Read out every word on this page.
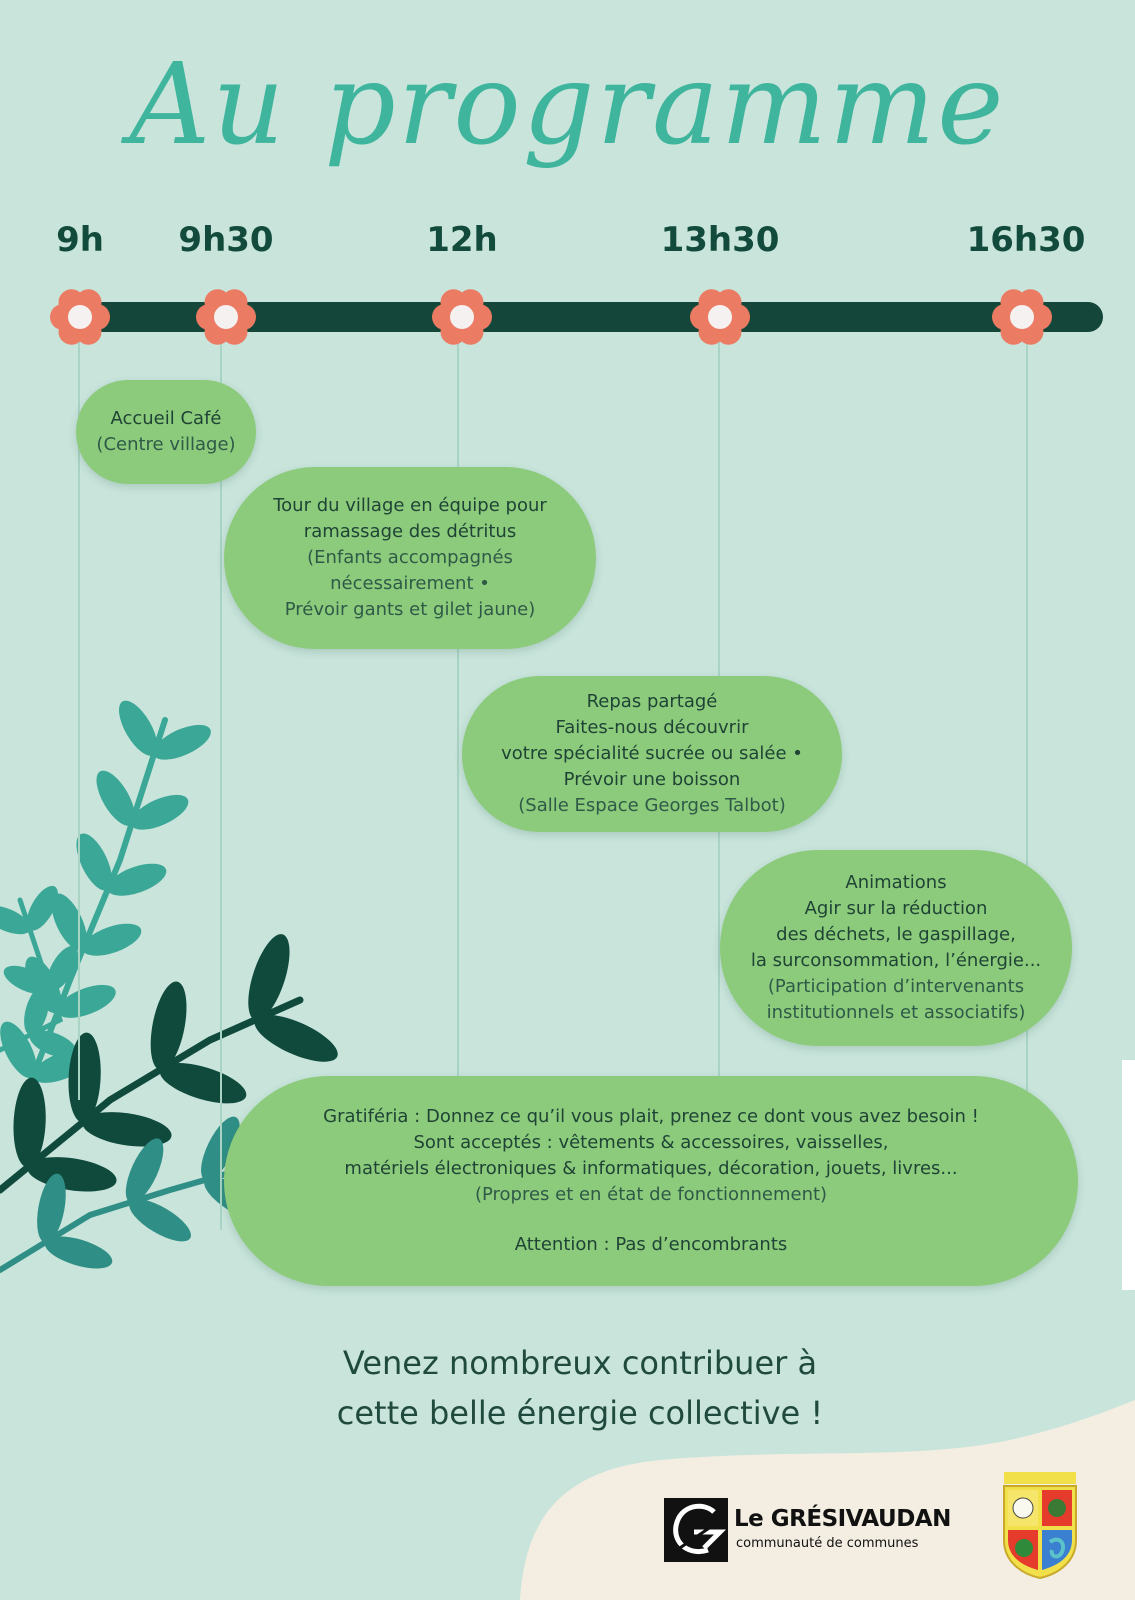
Au programme
9h 9h30	12h	13h30	16h30
Accueil Café
(Centre village)
Tour du village en équipe pour
ramassage des détritus
(Enfants accompagnés
nécessairement •
Prévoir gants et gilet jaune)
Repas partagé
Faites-nous découvrir
votre spécialité sucrée ou salée •
Prévoir une boisson
(Salle Espace Georges Talbot)
Animations
Agir sur la réduction
des déchets, le gaspillage,
la surconsommation, l’énergie...
(Participation d’intervenants
institutionnels et associatifs)
Gratiféria : Donnez ce qu’il vous plait, prenez ce dont vous avez besoin !
Sont acceptés : vêtements & accessoires, vaisselles,
matériels électroniques & informatiques, décoration, jouets, livres...
(Propres et en état de fonctionnement)
Attention : Pas d’encombrants
Venez nombreux contribuer à
cette belle énergie collective !
Le GRÉSIVAUDAN
communauté de communes
